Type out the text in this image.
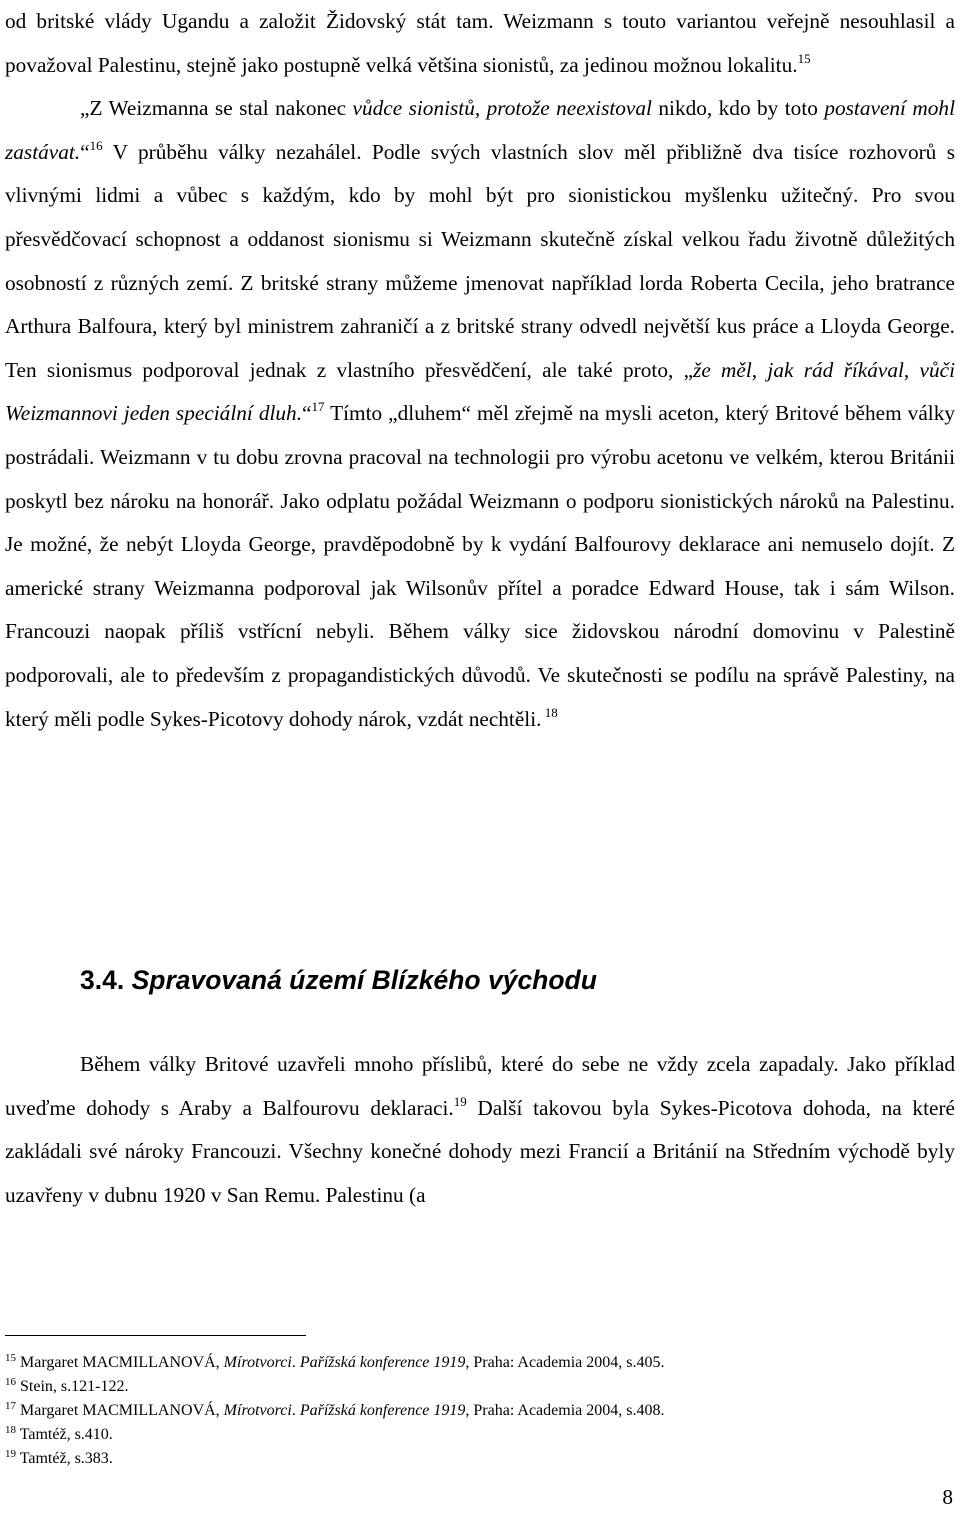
od britské vlády Ugandu a založit Židovský stát tam. Weizmann s touto variantou veřejně nesouhlasil a považoval Palestinu, stejně jako postupně velká většina sionistů, za jedinou možnou lokalitu.$^{15}$
„Z Weizmanna se stal nakonec vůdce sionistů, protože neexistoval nikdo, kdo by toto postavení mohl zastávat.“$^{16}$ V průběhu války nezahálel. Podle svých vlastních slov měl přibližně dva tisíce rozhovorů s vlivnými lidmi a vůbec s každým, kdo by mohl být pro sionistickou myšlenku užitečný. Pro svou přesvědčovací schopnost a oddanost sionismu si Weizmann skutečně získal velkou řadu životně důležitých osobností z různých zemí. Z britské strany můžeme jmenovat například lorda Roberta Cecila, jeho bratrance Arthura Balfoura, který byl ministrem zahraničí a z britské strany odvedl největší kus práce a Lloyda George. Ten sionismus podporoval jednak z vlastního přesvědčení, ale také proto, „že měl, jak rád říkával, vůči Weizmannovi jeden speciální dluh.“$^{17}$ Tímto „dluhem“ měl zřejmě na mysli aceton, který Britové během války postrádali. Weizmann v tu dobu zrovna pracoval na technologii pro výrobu acetonu ve velkém, kterou Británii poskytl bez nároku na honorář. Jako odplatu požádal Weizmann o podporu sionistických nároků na Palestinu. Je možné, že nebýt Lloyda George, pravděpodobně by k vydání Balfourovy deklarace ani nemuselo dojít. Z americké strany Weizmanna podporoval jak Wilsonův přítel a poradce Edward House, tak i sám Wilson. Francouzi naopak příliš vstřícní nebyli. Během války sice židovskou národní domovinu v Palestině podporovali, ale to především z propagandistických důvodů. Ve skutečnosti se podílu na správě Palestiny, na který měli podle Sykes-Picotovy dohody nárok, vzdát nechtěli. $^{18}$

3.4. Spravovaná území Blízkého východu

Během války Britové uzavřeli mnoho příslibů, které do sebe ne vždy zcela zapadaly. Jako příklad uveďme dohody s Araby a Balfourovu deklaraci.$^{19}$ Další takovou byla Sykes-Picotova dohoda, na které zakládali své nároky Francouzi. Všechny konečné dohody mezi Francií a Británií na Středním východě byly uzavřeny v dubnu 1920 v San Remu. Palestinu (a

$^{15}$ Margaret MACMILLANOVÁ, Mírotvorci. Pařížská konference 1919, Praha: Academia 2004, s.405.

$^{16}$ Stein, s.121-122.

$^{17}$ Margaret MACMILLANOVÁ, Mírotvorci. Pařížská konference 1919, Praha: Academia 2004, s.408.

$^{18}$ Tamtéž, s.410.

$^{19}$ Tamtéž, s.383.

8
